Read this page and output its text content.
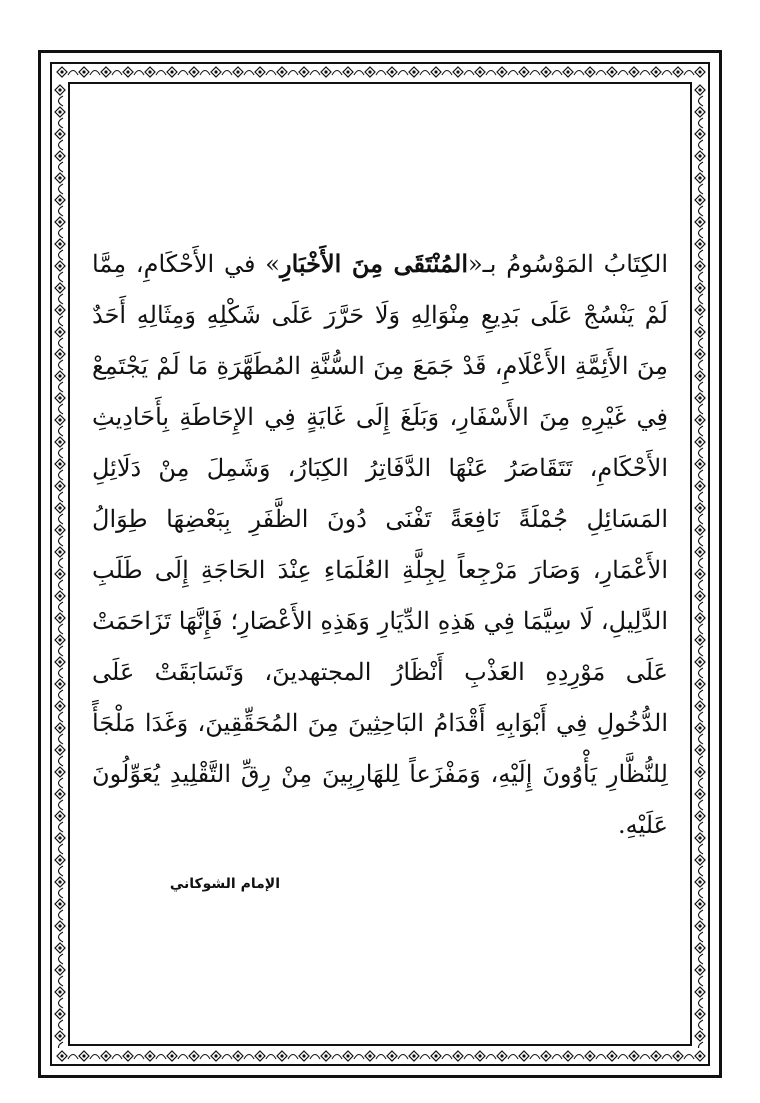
الكِتَابُ المَوْسُومُ بـ«المُنْتَقَى مِنَ الأَخْبَارِ» في الأَحْكَامِ، مِمَّا لَمْ يَنْسُجْ عَلَى بَدِيعِ مِنْوَالِهِ وَلَا حَرَّرَ عَلَى شَكْلِهِ وَمِثَالِهِ أَحَدٌ مِنَ الأَئِمَّةِ الأَعْلَامِ، قَدْ جَمَعَ مِنَ السُّنَّةِ المُطَهَّرَةِ مَا لَمْ يَجْتَمِعْ فِي غَيْرِهِ مِنَ الأَسْفَارِ، وَبَلَغَ إِلَى غَايَةٍ فِي الإِحَاطَةِ بِأَحَادِيثِ الأَحْكَامِ، تَتَقَاصَرُ عَنْهَا الدَّفَاتِرُ الكِبَارُ، وَشَمِلَ مِنْ دَلَائِلِ المَسَائِلِ جُمْلَةً نَافِعَةً تَفْنَى دُونَ الظَّفَرِ بِبَعْضِهَا طِوَالُ الأَعْمَارِ، وَصَارَ مَرْجِعاً لِجِلَّةِ العُلَمَاءِ عِنْدَ الحَاجَةِ إِلَى طَلَبِ الدَّلِيلِ، لَا سِيَّمَا فِي هَذِهِ الدِّيَارِ وَهَذِهِ الأَعْصَارِ؛ فَإِنَّهَا تَزَاحَمَتْ عَلَى مَوْرِدِهِ العَذْبِ أَنْظَارُ المجتهدينَ، وَتَسَابَقَتْ عَلَى الدُّخُولِ فِي أَبْوَابِهِ أَقْدَامُ البَاحِثِينَ مِنَ المُحَقِّقِينَ، وَغَدَا مَلْجَأً لِلنُّظَّارِ يَأْوُونَ إِلَيْهِ، وَمَفْزَعاً لِلهَارِبِينَ مِنْ رِقِّ التَّقْلِيدِ يُعَوِّلُونَ عَلَيْهِ.
الإمام الشوكاني
